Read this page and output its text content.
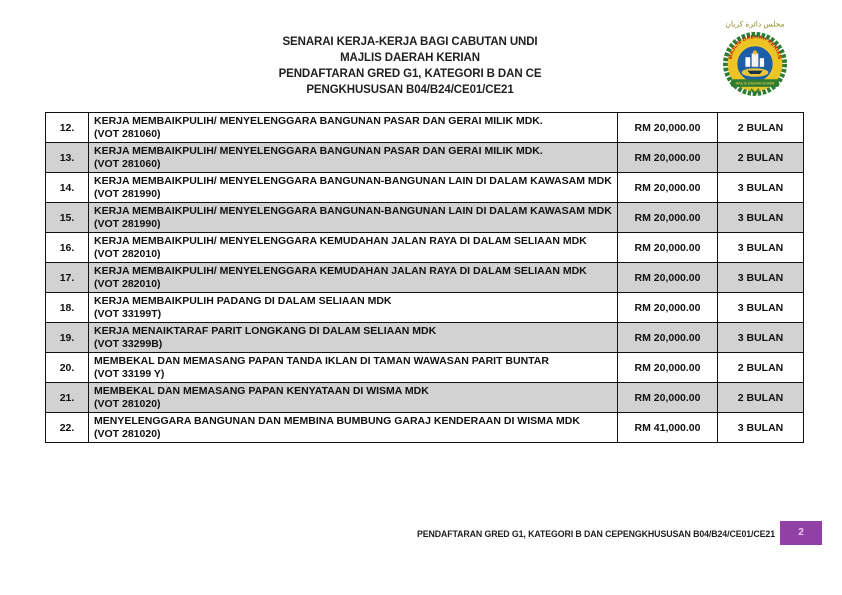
SENARAI KERJA-KERJA BAGI CABUTAN UNDI
MAJLIS DAERAH KERIAN
PENDAFTARAN GRED G1, KATEGORI B DAN CE
PENGKHUSUSAN B04/B24/CE01/CE21
مجلس دائرة كريان
MAJLIS DAERAH KERIAN
MAJLIS DAERAH KERIAN
12.	KERJA MEMBAIKPULIH/ MENYELENGGARA BANGUNAN PASAR DAN GERAI MILIK MDK.
(VOT 281060)	RM 20,000.00	2 BULAN
13.	KERJA MEMBAIKPULIH/ MENYELENGGARA BANGUNAN PASAR DAN GERAI MILIK MDK.
(VOT 281060)	RM 20,000.00	2 BULAN
14.	KERJA MEMBAIKPULIH/ MENYELENGGARA BANGUNAN-BANGUNAN LAIN DI DALAM KAWASAM MDK
(VOT 281990)	RM 20,000.00	3 BULAN
15.	KERJA MEMBAIKPULIH/ MENYELENGGARA BANGUNAN-BANGUNAN LAIN DI DALAM KAWASAM MDK
(VOT 281990)	RM 20,000.00	3 BULAN
16.	KERJA MEMBAIKPULIH/ MENYELENGGARA KEMUDAHAN JALAN RAYA DI DALAM SELIAAN MDK
(VOT 282010)	RM 20,000.00	3 BULAN
17.	KERJA MEMBAIKPULIH/ MENYELENGGARA KEMUDAHAN JALAN RAYA DI DALAM SELIAAN MDK
(VOT 282010)	RM 20,000.00	3 BULAN
18.	KERJA MEMBAIKPULIH PADANG DI DALAM SELIAAN MDK
(VOT 33199T)	RM 20,000.00	3 BULAN
19.	KERJA MENAIKTARAF PARIT LONGKANG DI DALAM SELIAAN MDK
(VOT 33299B)	RM 20,000.00	3 BULAN
20.	MEMBEKAL DAN MEMASANG PAPAN TANDA IKLAN DI TAMAN WAWASAN PARIT BUNTAR
(VOT 33199 Y)	RM 20,000.00	2 BULAN
21.	MEMBEKAL DAN MEMASANG PAPAN KENYATAAN DI WISMA MDK
(VOT 281020)	RM 20,000.00	2 BULAN
22.	MENYELENGGARA BANGUNAN DAN MEMBINA BUMBUNG GARAJ KENDERAAN DI WISMA MDK
(VOT 281020)	RM 41,000.00	3 BULAN
PENDAFTARAN GRED G1, KATEGORI B DAN CEPENGKHUSUSAN B04/B24/CE01/CE21	2
